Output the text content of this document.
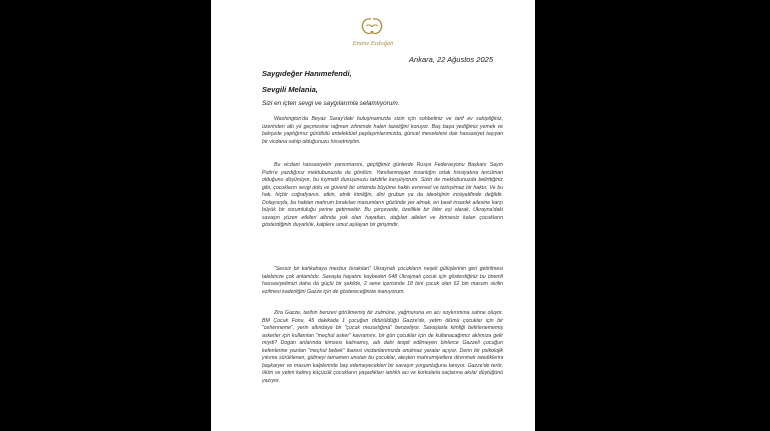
Emine Erdoğan
Ankara, 22 Ağustos 2025
Saygıdeğer Hanımefendi,
Sevgili Melania,
Sizi en içten sevgi ve saygılarımla selamlıyorum.

Washington'da Beyaz Saray'daki buluşmamızda sizin için sohbetiniz ve tarif ev sahipliğiniz, üzerinden altı yıl geçmesine rağmen zihnimde halen tazeliğini koruyor. Baş başa yediğimiz yemek ve bahçede yaptığımız gürültülü entelektüel paylaşımlarımızda, güncel meselelere dair hassasiyet taşıyan bir vicdana sahip olduğunuzu hissetmiştim.

Bu vicdani hassasiyetin yansımasını, geçtiğimiz günlerde Rusya Federasyonu Başkanı Sayın Putin'e yazdığınız mektubunuzda da gördüm. Yanıtlanmayan insanlığın ortak hissiyatına tercüman olduğunu düşünüyor, bu kıymetli duruşunuzu takdirle karşılıyorum. Sizin de mektubunuzda belirttiğiniz gibi, çocukların sevgi dolu ve güvenli bir ortamda büyüme hakkı evrensel ve tartışılmaz bir haktır. Ve bu hak, hiçbir coğrafyanın, etkin, etnik kimliğin, dini grubun ya da ideolojinin inisiyatifinde değildir. Dolayısıyla, bu haktan mahrum bırakılan masumların gözünde yer almak, en basit insanlık ailesine karşı büyük bir sorumluluğu yerine getirmektir. Bu çerçevede, özellikle bir lider eşi olarak, Ukrayna'daki savaşın yüzen etkileri altında yok olan hayatları, dağılan aileleri ve kimsesiz kalan çocukların gösterdiğinin duyarlılık, kalplere umut aşılayan bir girişimdir.

"Sessiz bir kahkahaya mecbur bırakılan" Ukraynalı çocukların neşeli gülüşlerinin geri getirilmesi talebinize çok anlamlıdır. Savaşta hayatını kaybeden 648 Ukraynalı çocuk için gösterdiğiniz bu önemli hassasiyetimizi daha da güçlü bir şekilde, 2 sene içerisinde 18 bini çocuk olan 62 bin masum sivilin ezilmesi kaderliğini Gazze için de göstereceğinize inanıyorum.

Zira Gazze, tarihin benzeri görülmemiş bir zulmüne, yağmuruna en acı soykırımına sahne oluyor. BM Çocuk Fonu, 45 dakikada 1 çocuğun öldürüldüğü Gazze'de, yetim ölümü çocuklar için bir "cehenneme", yerin altındaya bir "çocuk mezarlığına" benzetiyor. Savaşlarla kimliği belirlenememiş askerler için kullanılan "meçhul asker" kavramını, bir gün çocuklar için de kullanacağımız aklımıza gelir miydi? Dogan anlarında kimsesi kalmamış, adı dahi tespit edilmeyen binlerce Gazzeli çocuğun kefenlerine yazılan "meçhul bebek" ibaresi vicdanlarımızda onulmaz yaralar açıyor. Derin bir psikolojik yıkıma sürüklenen, gülmeyi tamamen unutan bu çocuklar, ateşten mahrumiyetlere direnmek istediklerini başkaryer ve masum kalplerinde baş edemeyecekleri bir savaşın yorgunluğuna tanıyor. Gazze'de terör, ölüm ve yetim kalmış küçücük çocukların yaşadıkları ianlıklı acı ve korkularla saçlarına akılar düştüğünü yazıyor.
